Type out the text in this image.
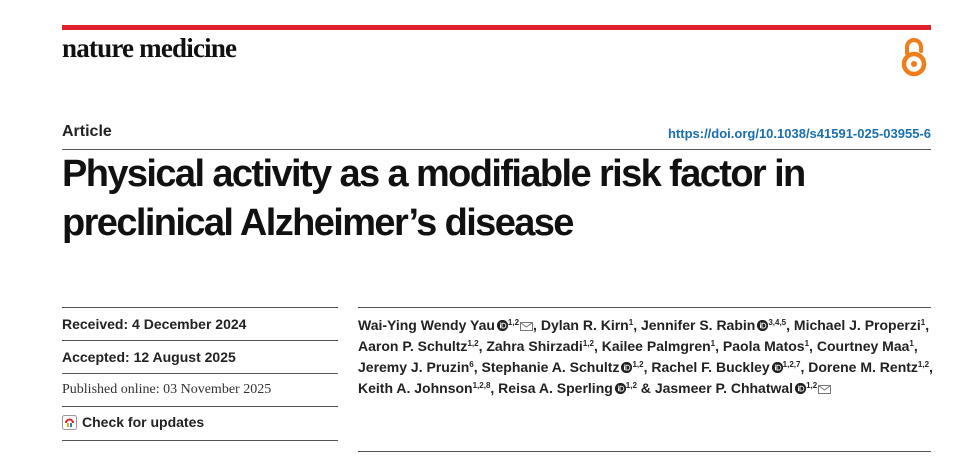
nature medicine
Article	https://doi.org/10.1038/s41591-025-03955-6
Physical activity as a modifiable risk factor in
preclinical Alzheimer’s disease
Received: 4 December 2024
Accepted: 12 August 2025
Published online: 03 November 2025
Check for updates
Wai-Ying Wendy Yau $^{1,2}$ , Dylan R. Kirn$^1$, Jennifer S. Rabin $^{3,4,5}$, Michael J. Properzi$^1$, Aaron P. Schultz$^{1,2}$, Zahra Shirzadi$^{1,2}$, Kailee Palmgren$^1$, Paola Matos$^1$, Courtney Maa$^1$, Jeremy J. Pruzin$^6$, Stephanie A. Schultz $^{1,2}$, Rachel F. Buckley $^{1,2,7}$, Dorene M. Rentz$^{1,2}$, Keith A. Johnson$^{1,2,8}$, Reisa A. Sperling $^{1,2}$ & Jasmeer P. Chhatwal $^{1,2}$
